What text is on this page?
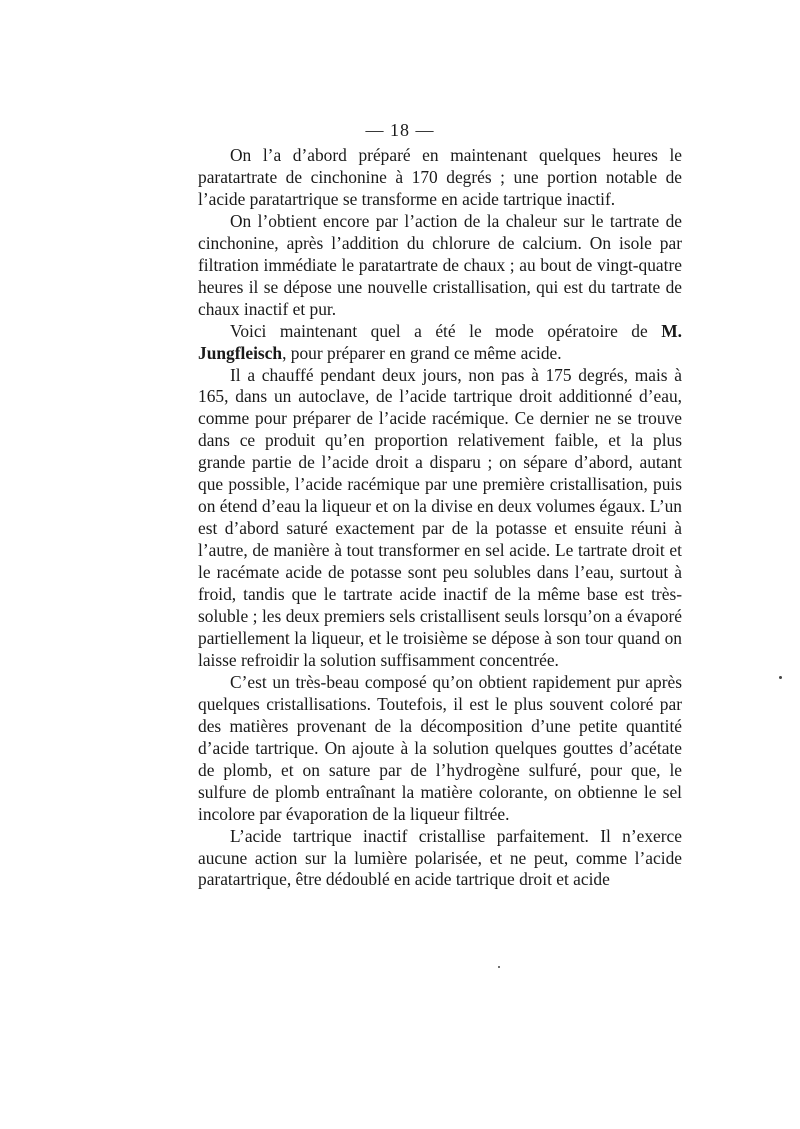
— 18 —

On l’a d’abord préparé en maintenant quelques heures le paratartrate de cinchonine à 170 degrés ; une portion notable de l’acide paratartrique se transforme en acide tartrique inactif.

On l’obtient encore par l’action de la chaleur sur le tartrate de cinchonine, après l’addition du chlorure de calcium. On isole par filtration immédiate le paratartrate de chaux ; au bout de vingt-quatre heures il se dépose une nouvelle cristallisation, qui est du tartrate de chaux inactif et pur.

Voici maintenant quel a été le mode opératoire de M. Jungfleisch, pour préparer en grand ce même acide.

Il a chauffé pendant deux jours, non pas à 175 degrés, mais à 165, dans un autoclave, de l’acide tartrique droit additionné d’eau, comme pour préparer de l’acide racémique. Ce dernier ne se trouve dans ce produit qu’en proportion relativement faible, et la plus grande partie de l’acide droit a disparu ; on sépare d’abord, autant que possible, l’acide racémique par une première cristallisation, puis on étend d’eau la liqueur et on la divise en deux volumes égaux. L’un est d’abord saturé exactement par de la potasse et ensuite réuni à l’autre, de manière à tout transformer en sel acide. Le tartrate droit et le racémate acide de potasse sont peu solubles dans l’eau, surtout à froid, tandis que le tartrate acide inactif de la même base est très-soluble ; les deux premiers sels cristallisent seuls lorsqu’on a évaporé partiellement la liqueur, et le troisième se dépose à son tour quand on laisse refroidir la solution suffisamment concentrée.

C’est un très-beau composé qu’on obtient rapidement pur après quelques cristallisations. Toutefois, il est le plus souvent coloré par des matières provenant de la décomposition d’une petite quantité d’acide tartrique. On ajoute à la solution quelques gouttes d’acétate de plomb, et on sature par de l’hydrogène sulfuré, pour que, le sulfure de plomb entraînant la matière colorante, on obtienne le sel incolore par évaporation de la liqueur filtrée.

L’acide tartrique inactif cristallise parfaitement. Il n’exerce aucune action sur la lumière polarisée, et ne peut, comme l’acide paratartrique, être dédoublé en acide tartrique droit et acide
